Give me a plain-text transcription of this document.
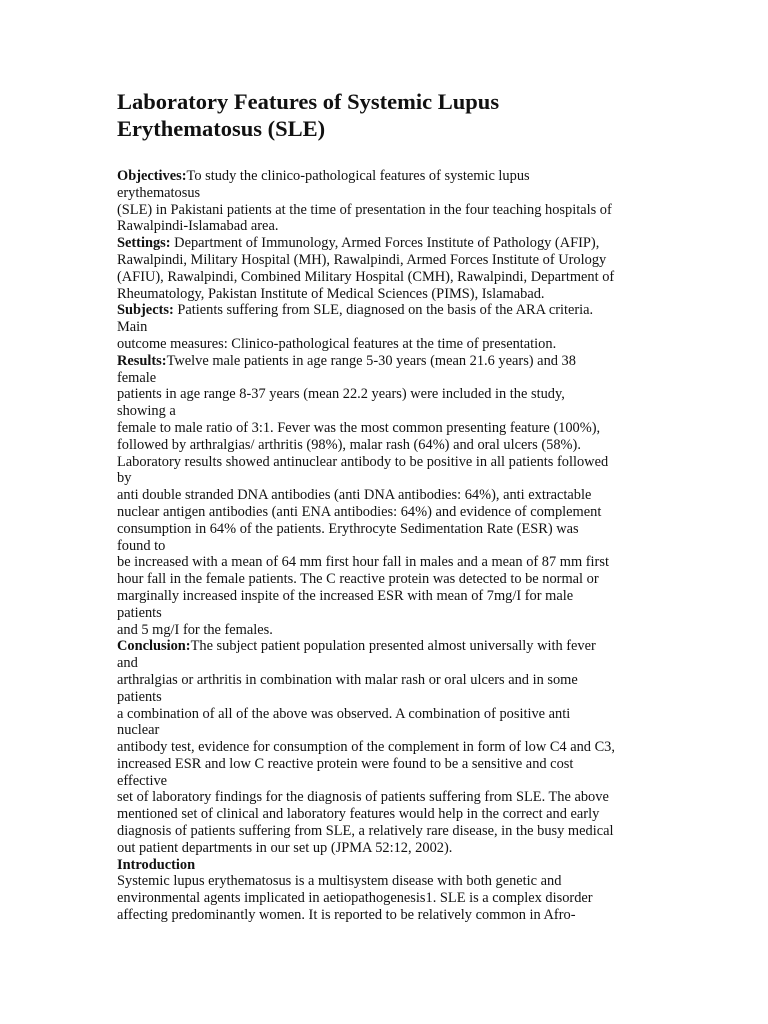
Laboratory Features of Systemic Lupus
Erythematosus (SLE)
Objectives:To study the clinico-pathological features of systemic lupus
erythematosus
(SLE) in Pakistani patients at the time of presentation in the four teaching hospitals of
Rawalpindi-Islamabad area.
Settings: Department of Immunology, Armed Forces Institute of Pathology (AFIP),
Rawalpindi, Military Hospital (MH), Rawalpindi, Armed Forces Institute of Urology
(AFIU), Rawalpindi, Combined Military Hospital (CMH), Rawalpindi, Department of
Rheumatology, Pakistan Institute of Medical Sciences (PIMS), Islamabad.
Subjects: Patients suffering from SLE, diagnosed on the basis of the ARA criteria.
Main
outcome measures: Clinico-pathological features at the time of presentation.
Results:Twelve male patients in age range 5-30 years (mean 21.6 years) and 38
female
patients in age range 8-37 years (mean 22.2 years) were included in the study,
showing a
female to male ratio of 3:1. Fever was the most common presenting feature (100%),
followed by arthralgias/ arthritis (98%), malar rash (64%) and oral ulcers (58%).
Laboratory results showed antinuclear antibody to be positive in all patients followed
by
anti double stranded DNA antibodies (anti DNA antibodies: 64%), anti extractable
nuclear antigen antibodies (anti ENA antibodies: 64%) and evidence of complement
consumption in 64% of the patients. Erythrocyte Sedimentation Rate (ESR) was
found to
be increased with a mean of 64 mm first hour fall in males and a mean of 87 mm first
hour fall in the female patients. The C reactive protein was detected to be normal or
marginally increased inspite of the increased ESR with mean of 7mg/I for male
patients
and 5 mg/I for the females.
Conclusion:The subject patient population presented almost universally with fever
and
arthralgias or arthritis in combination with malar rash or oral ulcers and in some
patients
a combination of all of the above was observed. A combination of positive anti
nuclear
antibody test, evidence for consumption of the complement in form of low C4 and C3,
increased ESR and low C reactive protein were found to be a sensitive and cost
effective
set of laboratory findings for the diagnosis of patients suffering from SLE. The above
mentioned set of clinical and laboratory features would help in the correct and early
diagnosis of patients suffering from SLE, a relatively rare disease, in the busy medical
out patient departments in our set up (JPMA 52:12, 2002).
Introduction
Systemic lupus erythematosus is a multisystem disease with both genetic and
environmental agents implicated in aetiopathogenesis1. SLE is a complex disorder
affecting predominantly women. It is reported to be relatively common in Afro-
